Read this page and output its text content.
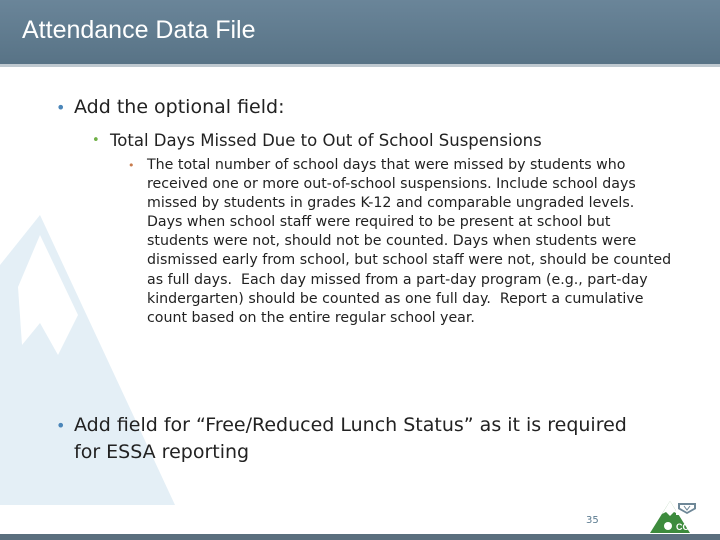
Attendance Data File
• Add the optional field:
• Total Days Missed Due to Out of School Suspensions
• The total number of school days that were missed by students who received one or more out-of-school suspensions. Include school days missed by students in grades K-12 and comparable ungraded levels.  Days when school staff were required to be present at school but students were not, should not be counted. Days when students were dismissed early from school, but school staff were not, should be counted as full days.  Each day missed from a part-day program (e.g., part-day kindergarten) should be counted as one full day.  Report a cumulative count based on the entire regular school year.
• Add field for “Free/Reduced Lunch Status” as it is required for ESSA reporting
35
CO
